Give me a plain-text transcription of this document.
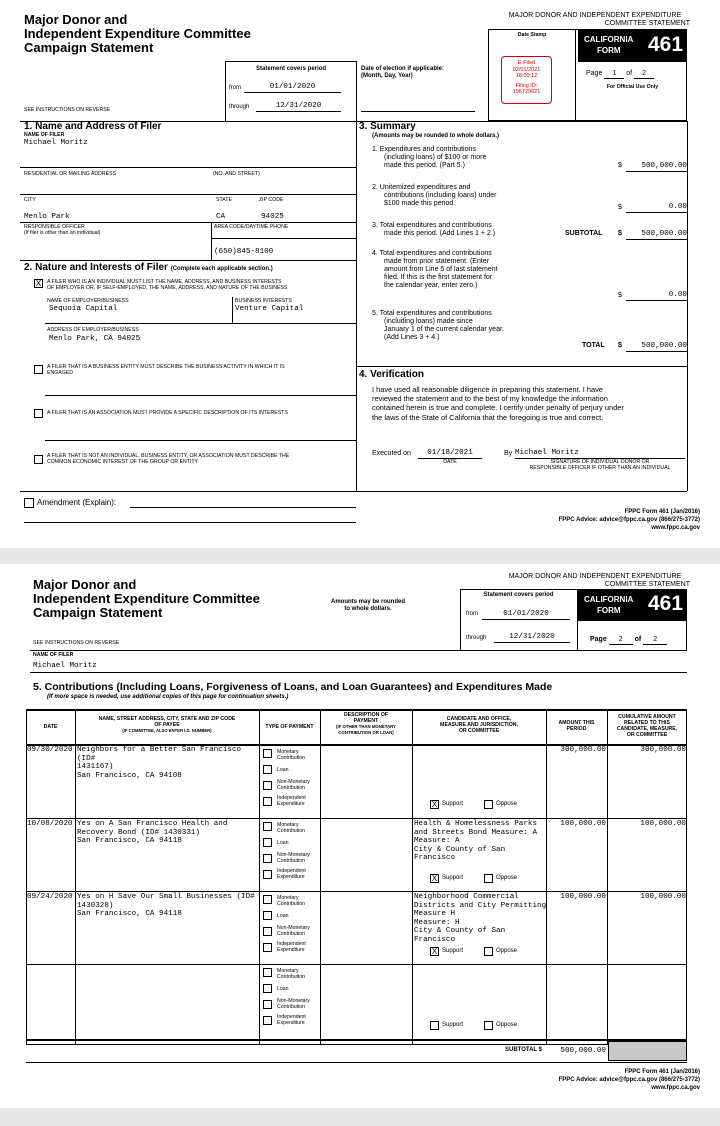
Major Donor and
Independent Expenditure Committee
Campaign Statement
MAJOR DONOR AND INDEPENDENT EXPENDITURE
COMMITTEE STATEMENT
Date Stamp
E-Filed
02/01/2021
18:00:12
Filing ID:
196729621
CALIFORNIA
FORM 461
Page 1 of 2
For Official Use Only
Statement covers period
from	01/01/2020
through	12/31/2020
Date of election if applicable:
(Month, Day, Year)
SEE INSTRUCTIONS ON REVERSE
1. Name and Address of Filer
NAME OF FILER
Michael Moritz
RESIDENTIAL OR MAILING ADDRESS	(NO. AND STREET)
CITY	STATE	ZIP CODE
Menlo Park	CA	94025
RESPONSIBLE OFFICER
(If filer is other than an individual)
AREA CODE/DAYTIME PHONE
(650)845-8100
2. Nature and Interests of Filer (Complete each applicable section.)
X	A FILER WHO IS AN INDIVIDUAL MUST LIST THE NAME, ADDRESS, AND BUSINESS INTERESTS
OF EMPLOYER OR, IF SELF-EMPLOYED, THE NAME, ADDRESS, AND NATURE OF THE BUSINESS
NAME OF EMPLOYER/BUSINESS
Sequoia Capital
BUSINESS INTERESTS
Venture Capital
ADDRESS OF EMPLOYER/BUSINESS
Menlo Park, CA 94025
A FILER THAT IS A BUSINESS ENTITY MUST DESCRIBE THE BUSINESS ACTIVITY IN WHICH IT IS
ENGAGED
A FILER THAT IS AN ASSOCIATION MUST PROVIDE A SPECIFIC DESCRIPTION OF ITS INTERESTS
A FILER THAT IS NOT AN INDIVIDUAL, BUSINESS ENTITY, OR ASSOCIATION MUST DESCRIBE THE
COMMON ECONOMIC INTEREST OF THE GROUP OR ENTITY
3. Summary
(Amounts may be rounded to whole dollars.)
1. Expenditures and contributions
(including loans) of $100 or more
made this period. (Part 5.)	$	500,000.00
2. Unitemized expenditures and
contributions (including loans) under
$100 made this period.
$	0.00
3. Total expenditures and contributions
made this period. (Add Lines 1 + 2.)	SUBTOTAL $	500,000.00
4. Total expenditures and contributions
made from prior statement. (Enter
amount from Line 5 of last statement
filed. If this is the first statement for
the calendar year, enter zero.)
$	0.00
5. Total expenditures and contributions
(including loans) made since
January 1 of the current calendar year.
(Add Lines 3 + 4.)
TOTAL $	500,000.00
4. Verification
I have used all reasonable diligence in preparing this statement. I have
reviewed the statement and to the best of my knowledge the information
contained herein is true and complete. I certify under penalty of perjury under
the laws of the State of California that the foregoing is true and correct.
Executed on	01/18/2021
DATE
By Michael Moritz
SIGNATURE OF INDIVIDUAL DONOR OR
RESPONSIBLE OFFICER IF OTHER THAN AN INDIVIDUAL
Amendment (Explain):
FPPC Form 461 (Jan/2016)
FPPC Advice: advice@fppc.ca.gov (866/275-3772)
www.fppc.ca.gov
Major Donor and
Independent Expenditure Committee
Campaign Statement
Amounts may be rounded
to whole dollars.
MAJOR DONOR AND INDEPENDENT EXPENDITURE
COMMITTEE STATEMENT
Statement covers period
from	01/01/2020
through	12/31/2020
CALIFORNIA
FORM 461
Page 2 of 2
SEE INSTRUCTIONS ON REVERSE
NAME OF FILER
Michael Moritz
5. Contributions (Including Loans, Forgiveness of Loans, and Loan Guarantees) and Expenditures Made
(If more space is needed, use additional copies of this page for continuation sheets.)
DATE
NAME, STREET ADDRESS, CITY, STATE AND ZIP CODE
OF PAYEE
(IF COMMITTEE, ALSO ENTER I.D. NUMBER)
TYPE OF PAYMENT
DESCRIPTION OF
PAYMENT
(IF OTHER THAN MONETARY
CONTRIBUTION OR LOAN)
CANDIDATE AND OFFICE,
MEASURE AND JURISDICTION,
OR COMMITTEE
AMOUNT THIS
PERIOD
CUMULATIVE AMOUNT
RELATED TO THIS
CANDIDATE, MEASURE,
OR COMMITTEE
09/30/2020 Neighbors for a Better San Francisco (ID#
1431167)
San Francisco, CA 94108
Monetary
Contribution
Loan
Non-Monetary
Contribution
Independent
Expenditure	X Support	Oppose
300,000.00	300,000.00
10/08/2020 Yes on A San Francisco Health and
Recovery Bond (ID# 1430331)
San Francisco, CA 94118
Monetary
Contribution
Loan
Non-Monetary
Contribution
Independent
Expenditure
Health & Homelessness Parks
and Streets Bond Measure: A
Measure: A
City & County of San
Francisco
X Support	Oppose
100,000.00	100,000.00
09/24/2020 Yes on H Save Our Small Businesses (ID#
1430328)
San Francisco, CA 94118
Monetary
Contribution
Loan
Non-Monetary
Contribution
Independent
Expenditure
Neighborhood Commercial
Districts and City Permitting
Measure H
Measure: H
City & County of San
Francisco
X Support	Oppose
100,000.00	100,000.00
Monetary
Contribution
Loan
Non-Monetary
Contribution
Independent
Expenditure	Support	Oppose
SUBTOTAL $	500,000.00
FPPC Form 461 (Jan/2016)
FPPC Advice: advice@fppc.ca.gov (866/275-3772)
www.fppc.ca.gov
